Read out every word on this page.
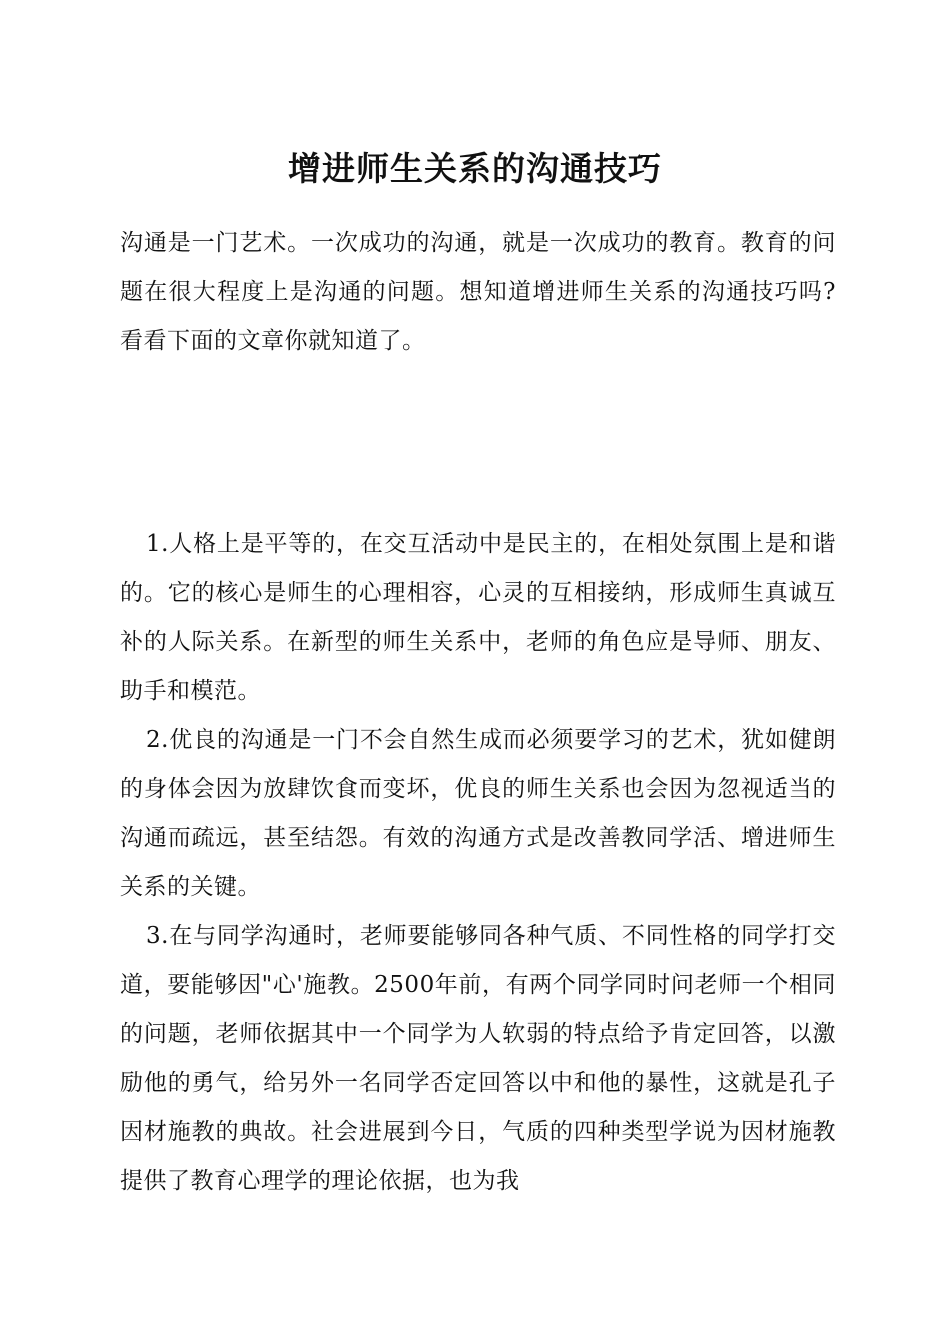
增进师生关系的沟通技巧

沟通是一门艺术。一次成功的沟通，就是一次成功的教育。教育的问题在很大程度上是沟通的问题。想知道增进师生关系的沟通技巧吗?看看下面的文章你就知道了。

1.人格上是平等的，在交互活动中是民主的，在相处氛围上是和谐的。它的核心是师生的心理相容，心灵的互相接纳，形成师生真诚互补的人际关系。在新型的师生关系中，老师的角色应是导师、朋友、助手和模范。

2.优良的沟通是一门不会自然生成而必须要学习的艺术，犹如健朗的身体会因为放肆饮食而变坏，优良的师生关系也会因为忽视适当的沟通而疏远，甚至结怨。有效的沟通方式是改善教同学活、增进师生关系的关键。

3.在与同学沟通时，老师要能够同各种气质、不同性格的同学打交道，要能够因"心'施教。2500年前，有两个同学同时问老师一个相同的问题，老师依据其中一个同学为人软弱的特点给予肯定回答，以激励他的勇气，给另外一名同学否定回答以中和他的暴性，这就是孔子因材施教的典故。社会进展到今日，气质的四种类型学说为因材施教提供了教育心理学的理论依据，也为我
